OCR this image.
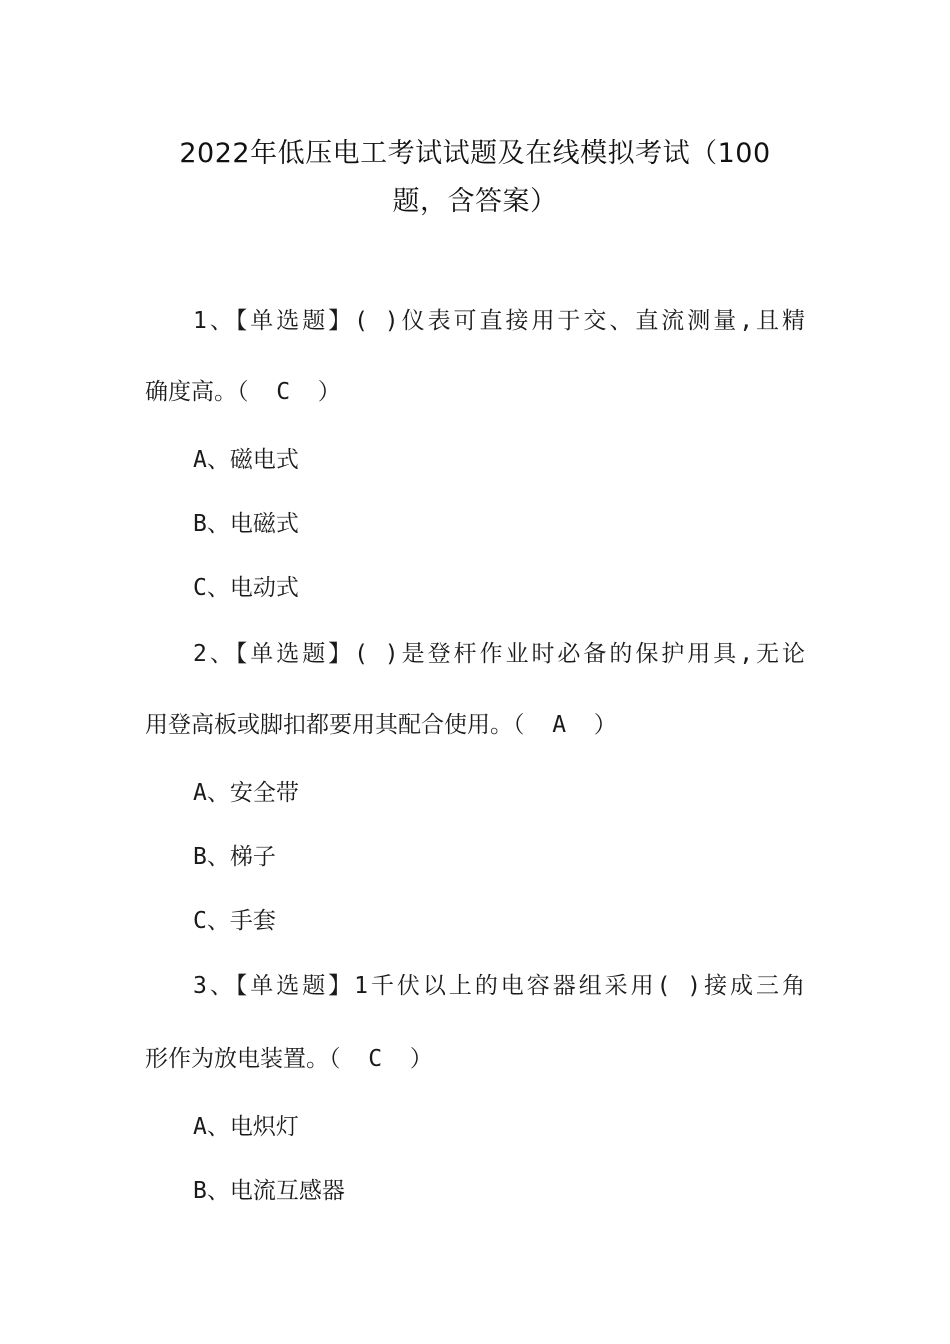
2022年低压电工考试试题及在线模拟考试（100
题，含答案）
1、【单选题】( )仪表可直接用于交、直流测量,且精
确度高。（  C  ）
A、磁电式
B、电磁式
C、电动式
2、【单选题】( )是登杆作业时必备的保护用具,无论
用登高板或脚扣都要用其配合使用。（  A  ）
A、安全带
B、梯子
C、手套
3、【单选题】1千伏以上的电容器组采用( )接成三角
形作为放电装置。（  C  ）
A、电炽灯
B、电流互感器
